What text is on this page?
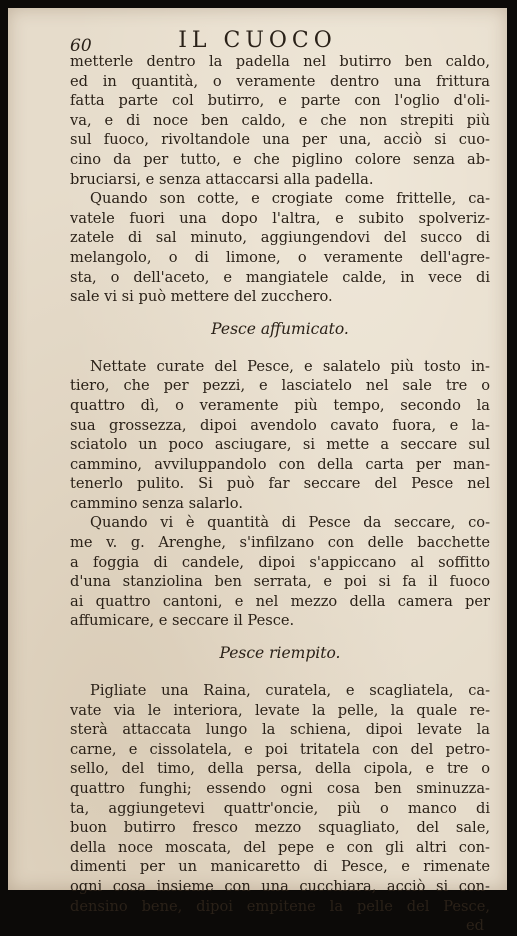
60	IL CUOCO
metterle dentro la padella nel butirro ben caldo,
ed in quantità, o veramente dentro una frittura
fatta parte col butirro, e parte con l'oglio d'oli-
va, e di noce ben caldo, e che non strepiti più
sul fuoco, rivoltandole una per una, acciò si cuo-
cino da per tutto, e che piglino colore senza ab-
bruciarsi, e senza attaccarsi alla padella.
Quando son cotte, e crogiate come frittelle, ca-
vatele fuori una dopo l'altra, e subito spolveriz-
zatele di sal minuto, aggiungendovi del succo di
melangolo, o di limone, o veramente dell'agre-
sta, o dell'aceto, e mangiatele calde, in vece di
sale vi si può mettere del zucchero.
Pesce affumicato.
Nettate curate del Pesce, e salatelo più tosto in-
tiero, che per pezzi, e lasciatelo nel sale tre o
quattro dì, o veramente più tempo, secondo la
sua grossezza, dipoi avendolo cavato fuora, e la-
sciatolo un poco asciugare, si mette a seccare sul
cammino, avviluppandolo con della carta per man-
tenerlo pulito. Si può far seccare del Pesce nel
cammino senza salarlo.
Quando vi è quantità di Pesce da seccare, co-
me v. g. Arenghe, s'infilzano con delle bacchette
a foggia di candele, dipoi s'appiccano al soffitto
d'una stanziolina ben serrata, e poi si fa il fuoco
ai quattro cantoni, e nel mezzo della camera per
affumicare, e seccare il Pesce.
Pesce riempito.
Pigliate una Raina, curatela, e scagliatela, ca-
vate via le interiora, levate la pelle, la quale re-
sterà attaccata lungo la schiena, dipoi levate la
carne, e cissolatela, e poi tritatela con del petro-
sello, del timo, della persa, della cipola, e tre o
quattro funghi; essendo ogni cosa ben sminuzza-
ta, aggiungetevi quattr'oncie, più o manco di
buon butirro fresco mezzo squagliato, del sale,
della noce moscata, del pepe e con gli altri con-
dimenti per un manicaretto di Pesce, e rimenate
ogni cosa insieme con una cucchiara, acciò si con-
densino bene, dipoi empitene la pelle del Pesce,
ed
